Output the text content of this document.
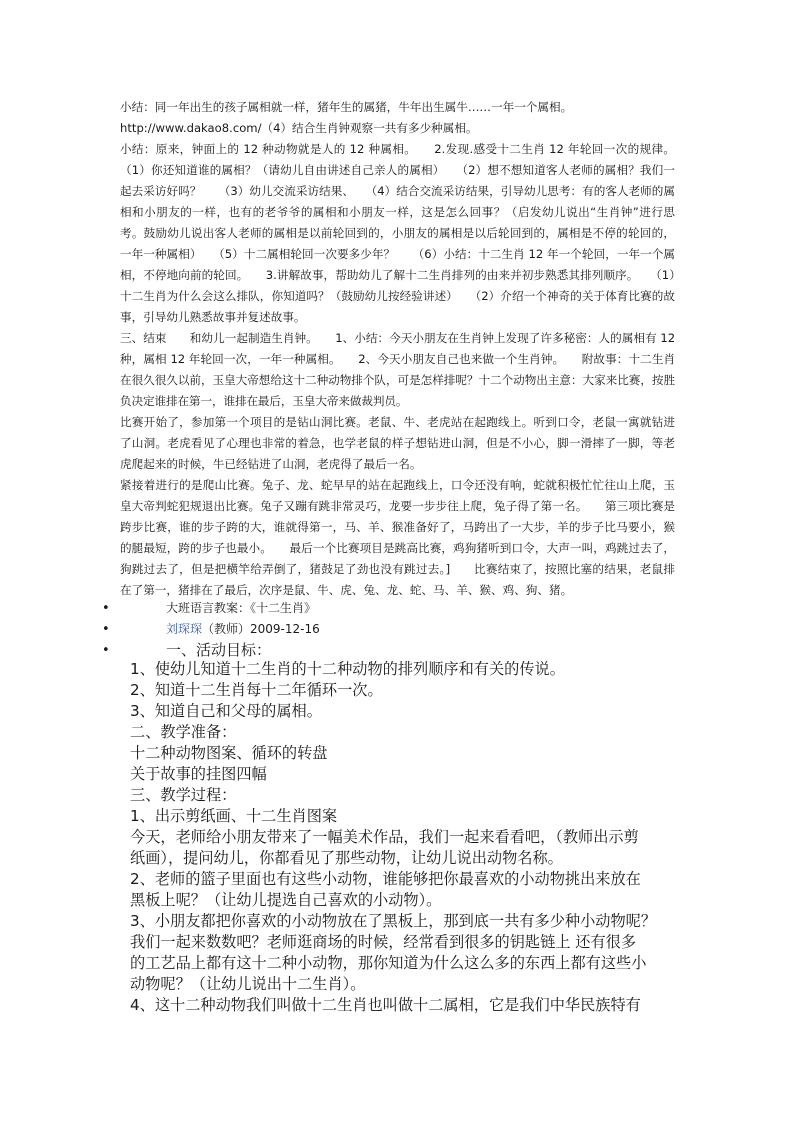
小结：同一年出生的孩子属相就一样，猪年生的属猪，牛年出生属牛……一年一个属相。

http://www.dakao8.com/（4）结合生肖钟观察一共有多少种属相。

小结：原来，钟面上的 12 种动物就是人的 12 种属相。　　2.发现.感受十二生肖 12 年轮回一次的规律。（1）你还知道谁的属相？（请幼儿自由讲述自己亲人的属相）　　（2）想不想知道客人老师的属相？我们一起去采访好吗？　　（3）幼儿交流采访结果、　　（4）结合交流采访结果，引导幼儿思考：有的客人老师的属相和小朋友的一样，也有的老爷爷的属相和小朋友一样，这是怎么回事？（启发幼儿说出“生肖钟”进行思考。鼓励幼儿说出客人老师的属相是以前轮回到的，小朋友的属相是以后轮回到的，属相是不停的轮回的，一年一种属相）　　（5）十二属相轮回一次要多少年？　　（6）小结：十二生肖 12 年一个轮回，一年一个属相，不停地向前的轮回。　　3.讲解故事，帮助幼儿了解十二生肖排列的由来并初步熟悉其排列顺序。　　（1）十二生肖为什么会这么排队，你知道吗？（鼓励幼儿按经验讲述）　　（2）介绍一个神奇的关于体育比赛的故事，引导幼儿熟悉故事并复述故事。

三、结束　　和幼儿一起制造生肖钟。　　1、小结：今天小朋友在生肖钟上发现了许多秘密：人的属相有 12 种，属相 12 年轮回一次，一年一种属相。　　2、今天小朋友自己也来做一个生肖钟。　　附故事：十二生肖　　在很久很久以前，玉皇大帝想给这十二种动物排个队，可是怎样排呢？十二个动物出主意：大家来比赛，按胜负决定谁排在第一，谁排在最后，玉皇大帝来做裁判员。

比赛开始了，参加第一个项目的是钻山洞比赛。老鼠、牛、老虎站在起跑线上。听到口令，老鼠一寓就钻进了山洞。老虎看见了心理也非常的着急，也学老鼠的样子想钻进山洞，但是不小心，脚一滑摔了一脚，等老虎爬起来的时候，牛已经钻进了山洞，老虎得了最后一名。

紧接着进行的是爬山比赛。兔子、龙、蛇早早的站在起跑线上，口令还没有响，蛇就积极忙忙往山上爬，玉皇大帝判蛇犯规退出比赛。兔子又蹦有跳非常灵巧，龙要一步步往上爬，兔子得了第一名。　　第三项比赛是跨步比赛，谁的步子跨的大，谁就得第一，马、羊、猴准备好了，马跨出了一大步，羊的步子比马要小，猴的腿最短，跨的步子也最小。　　最后一个比赛项目是跳高比赛，鸡狗猪听到口令，大声一叫，鸡跳过去了，狗跳过去了，但是把横竿给弄倒了，猪鼓足了劲也没有跳过去。]　　比赛结束了，按照比塞的结果，老鼠排在了第一，猪排在了最后，次序是鼠、牛、虎、兔、龙、蛇、马、羊、猴、鸡、狗、猪。

•	大班语言教案：《十二生肖》
•	刘琛琛（教师）2009-12-16
•	一、活动目标：

1、使幼儿知道十二生肖的十二种动物的排列顺序和有关的传说。

2、知道十二生肖每十二年循环一次。

3、知道自己和父母的属相。

二、教学准备：

十二种动物图案、循环的转盘

关于故事的挂图四幅

三、教学过程：

1、出示剪纸画、十二生肖图案

今天，老师给小朋友带来了一幅美术作品，我们一起来看看吧，（教师出示剪

纸画），提问幼儿，你都看见了那些动物，让幼儿说出动物名称。

2、老师的篮子里面也有这些小动物，谁能够把你最喜欢的小动物挑出来放在

黑板上呢？（让幼儿提选自己喜欢的小动物）。

3、小朋友都把你喜欢的小动物放在了黑板上，那到底一共有多少种小动物呢？

我们一起来数数吧？老师逛商场的时候，经常看到很多的钥匙链上 还有很多

的工艺品上都有这十二种小动物，那你知道为什么这么多的东西上都有这些小

动物呢？（让幼儿说出十二生肖）。

4、这十二种动物我们叫做十二生肖也叫做十二属相，它是我们中华民族特有
